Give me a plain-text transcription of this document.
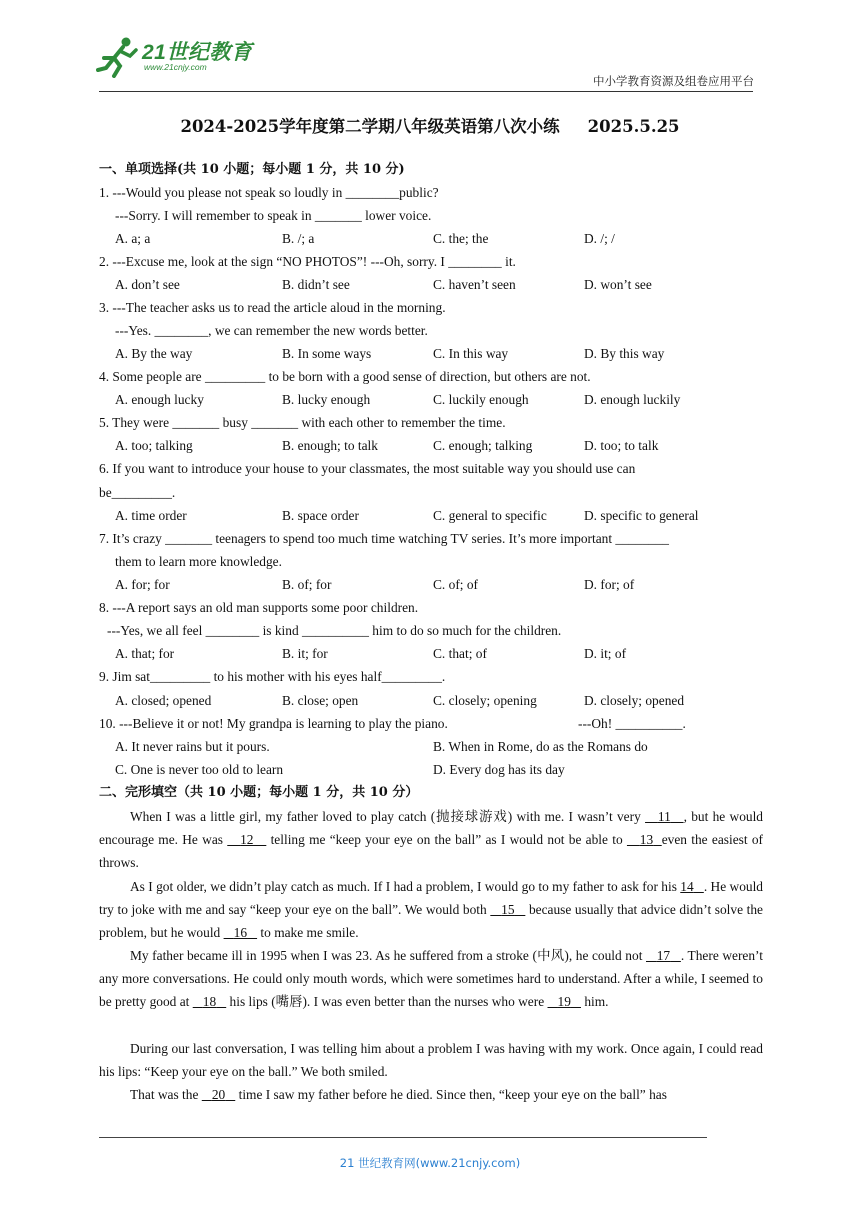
21世纪教育
www.21cnjy.com
中小学教育资源及组卷应用平台
2024-2025学年度第二学期八年级英语第八次小练 2025.5.25
一、单项选择(共 10 小题；每小题 1 分，共 10 分)
1. ---Would you please not speak so loudly in ________public?
---Sorry. I will remember to speak in _______ lower voice.
A. a; a	B. /; a	C. the; the	D. /; /
2. ---Excuse me, look at the sign “NO PHOTOS”! ---Oh, sorry. I ________ it.
A. don’t see	B. didn’t see	C. haven’t seen	D. won’t see
3. ---The teacher asks us to read the article aloud in the morning.
---Yes. ________, we can remember the new words better.
A. By the way	B. In some ways	C. In this way	D. By this way
4. Some people are _________ to be born with a good sense of direction, but others are not.
A. enough lucky	B. lucky enough	C. luckily enough	D. enough luckily
5. They were _______ busy _______ with each other to remember the time.
A. too; talking	B. enough; to talk	C. enough; talking	D. too; to talk
6. If you want to introduce your house to your classmates, the most suitable way you should use can
be_________.
A. time order	B. space order	C. general to specific	D. specific to general
7. It’s crazy _______ teenagers to spend too much time watching TV series. It’s more important ________
them to learn more knowledge.
A. for; for	B. of; for	C. of; of	D. for; of
8. ---A report says an old man supports some poor children.
---Yes, we all feel ________ is kind __________ him to do so much for the children.
A. that; for	B. it; for	C. that; of	D. it; of
9. Jim sat_________ to his mother with his eyes half_________.
A. closed; opened	B. close; open	C. closely; opening	D. closely; opened
10. ---Believe it or not! My grandpa is learning to play the piano.	---Oh! __________.
A. It never rains but it pours.	B. When in Rome, do as the Romans do
C. One is never too old to learn	D. Every dog has its day
二、完形填空（共 10 小题；每小题 1 分，共 10 分）
When I was a little girl, my father loved to play catch (抛接球游戏) with me. I wasn’t very    11 , but he would encourage me. He was    12    telling me “keep your eye on the ball” as I would not be able to    13 even the easiest of throws.
As I got older, we didn’t play catch as much. If I had a problem, I would go to my father to ask for his 14 . He would try to joke with me and say “keep your eye on the ball”. We would both    15    because usually that advice didn’t solve the problem, but he would    16    to make me smile.
My father became ill in 1995 when I was 23. As he suffered from a stroke (中风), he could not    17 . There weren’t any more conversations. He could only mouth words, which were sometimes hard to understand. After a while, I seemed to be pretty good at    18    his lips (嘴唇). I was even better than the nurses who were    19    him.
During our last conversation, I was telling him about a problem I was having with my work. Once again, I could read his lips: “Keep your eye on the ball.” We both smiled.
That was the    20    time I saw my father before he died. Since then, “keep your eye on the ball” has
21 世纪教育网(www.21cnjy.com)
